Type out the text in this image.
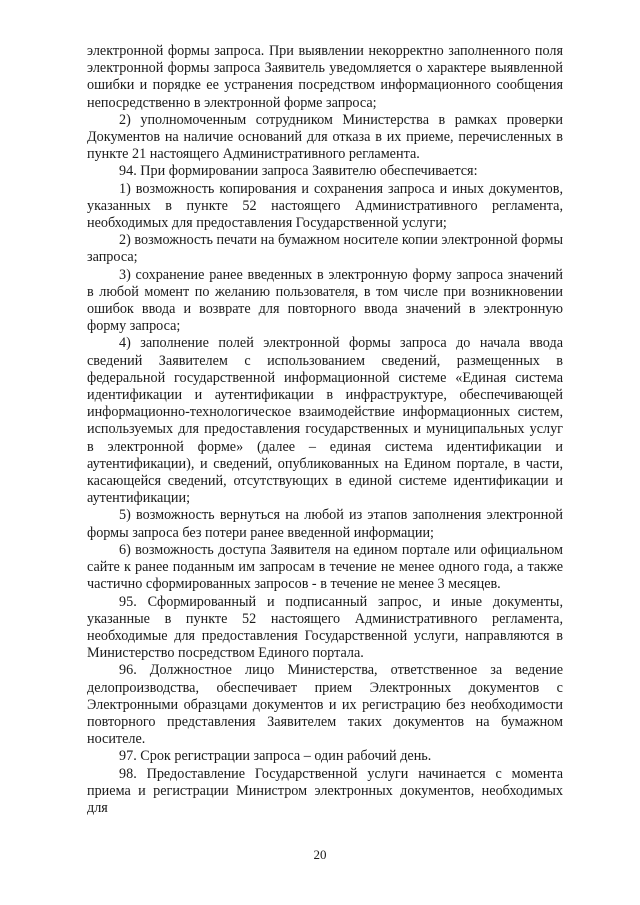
электронной формы запроса. При выявлении некорректно заполненного поля электронной формы запроса Заявитель уведомляется о характере выявленной ошибки и порядке ее устранения посредством информационного сообщения непосредственно в электронной форме запроса;

2) уполномоченным сотрудником Министерства в рамках проверки Документов на наличие оснований для отказа в их приеме, перечисленных в пункте 21 настоящего Административного регламента.

94. При формировании запроса Заявителю обеспечивается:

1) возможность копирования и сохранения запроса и иных документов, указанных в пункте 52 настоящего Административного регламента, необходимых для предоставления Государственной услуги;

2) возможность печати на бумажном носителе копии электронной формы запроса;

3) сохранение ранее введенных в электронную форму запроса значений в любой момент по желанию пользователя, в том числе при возникновении ошибок ввода и возврате для повторного ввода значений в электронную форму запроса;

4) заполнение полей электронной формы запроса до начала ввода сведений Заявителем с использованием сведений, размещенных в федеральной государственной информационной системе «Единая система идентификации и аутентификации в инфраструктуре, обеспечивающей информационно-технологическое взаимодействие информационных систем, используемых для предоставления государственных и муниципальных услуг в электронной форме» (далее – единая система идентификации и аутентификации), и сведений, опубликованных на Едином портале, в части, касающейся сведений, отсутствующих в единой системе идентификации и аутентификации;

5) возможность вернуться на любой из этапов заполнения электронной формы запроса без потери ранее введенной информации;

6) возможность доступа Заявителя на едином портале или официальном сайте к ранее поданным им запросам в течение не менее одного года, а также частично сформированных запросов - в течение не менее 3 месяцев.

95. Сформированный и подписанный запрос, и иные документы, указанные в пункте 52 настоящего Административного регламента, необходимые для предоставления Государственной услуги, направляются в Министерство посредством Единого портала.

96. Должностное лицо Министерства, ответственное за ведение делопроизводства, обеспечивает прием Электронных документов с Электронными образцами документов и их регистрацию без необходимости повторного представления Заявителем таких документов на бумажном носителе.

97. Срок регистрации запроса – один рабочий день.

98. Предоставление Государственной услуги начинается с момента приема и регистрации Министром электронных документов, необходимых для

20
